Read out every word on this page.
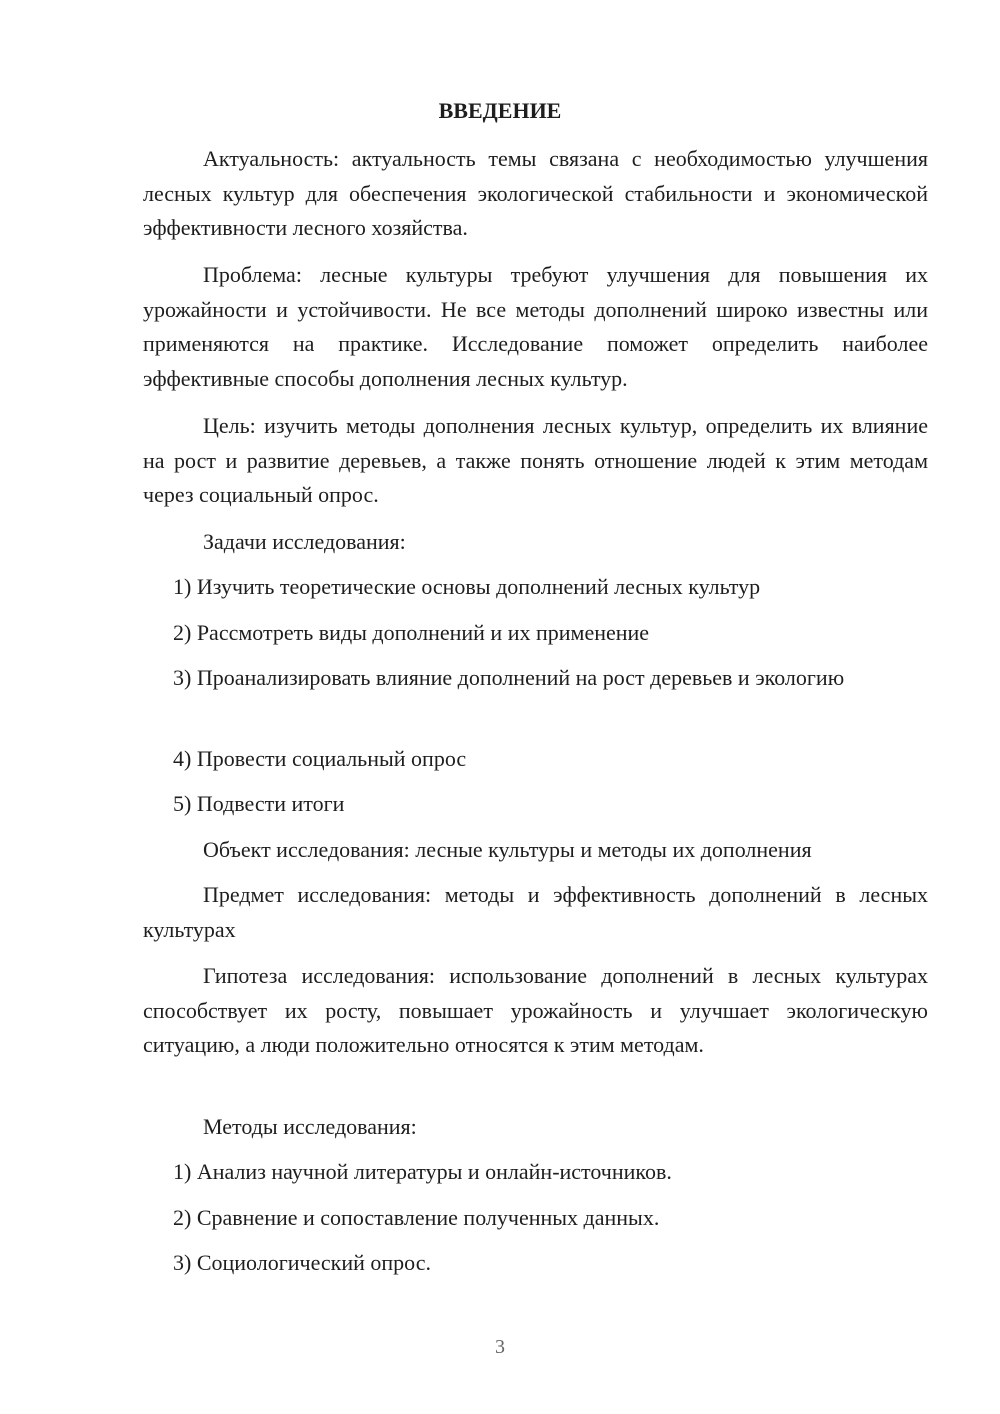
ВВЕДЕНИЕ

Актуальность: актуальность темы связана с необходимостью улучшения лесных культур для обеспечения экологической стабильности и экономической эффективности лесного хозяйства.

Проблема: лесные культуры требуют улучшения для повышения их урожайности и устойчивости. Не все методы дополнений широко известны или применяются на практике. Исследование поможет определить наиболее эффективные способы дополнения лесных культур.

Цель: изучить методы дополнения лесных культур, определить их влияние на рост и развитие деревьев, а также понять отношение людей к этим методам через социальный опрос.

Задачи исследования:

1) Изучить теоретические основы дополнений лесных культур

2) Рассмотреть виды дополнений и их применение

3) Проанализировать влияние дополнений на рост деревьев и экологию

4) Провести социальный опрос

5) Подвести итоги

Объект исследования: лесные культуры и методы их дополнения

Предмет исследования: методы и эффективность дополнений в лесных культурах

Гипотеза исследования: использование дополнений в лесных культурах способствует их росту, повышает урожайность и улучшает экологическую ситуацию, а люди положительно относятся к этим методам.

Методы исследования:

1) Анализ научной литературы и онлайн-источников.

2) Сравнение и сопоставление полученных данных.

3) Социологический опрос.

3
